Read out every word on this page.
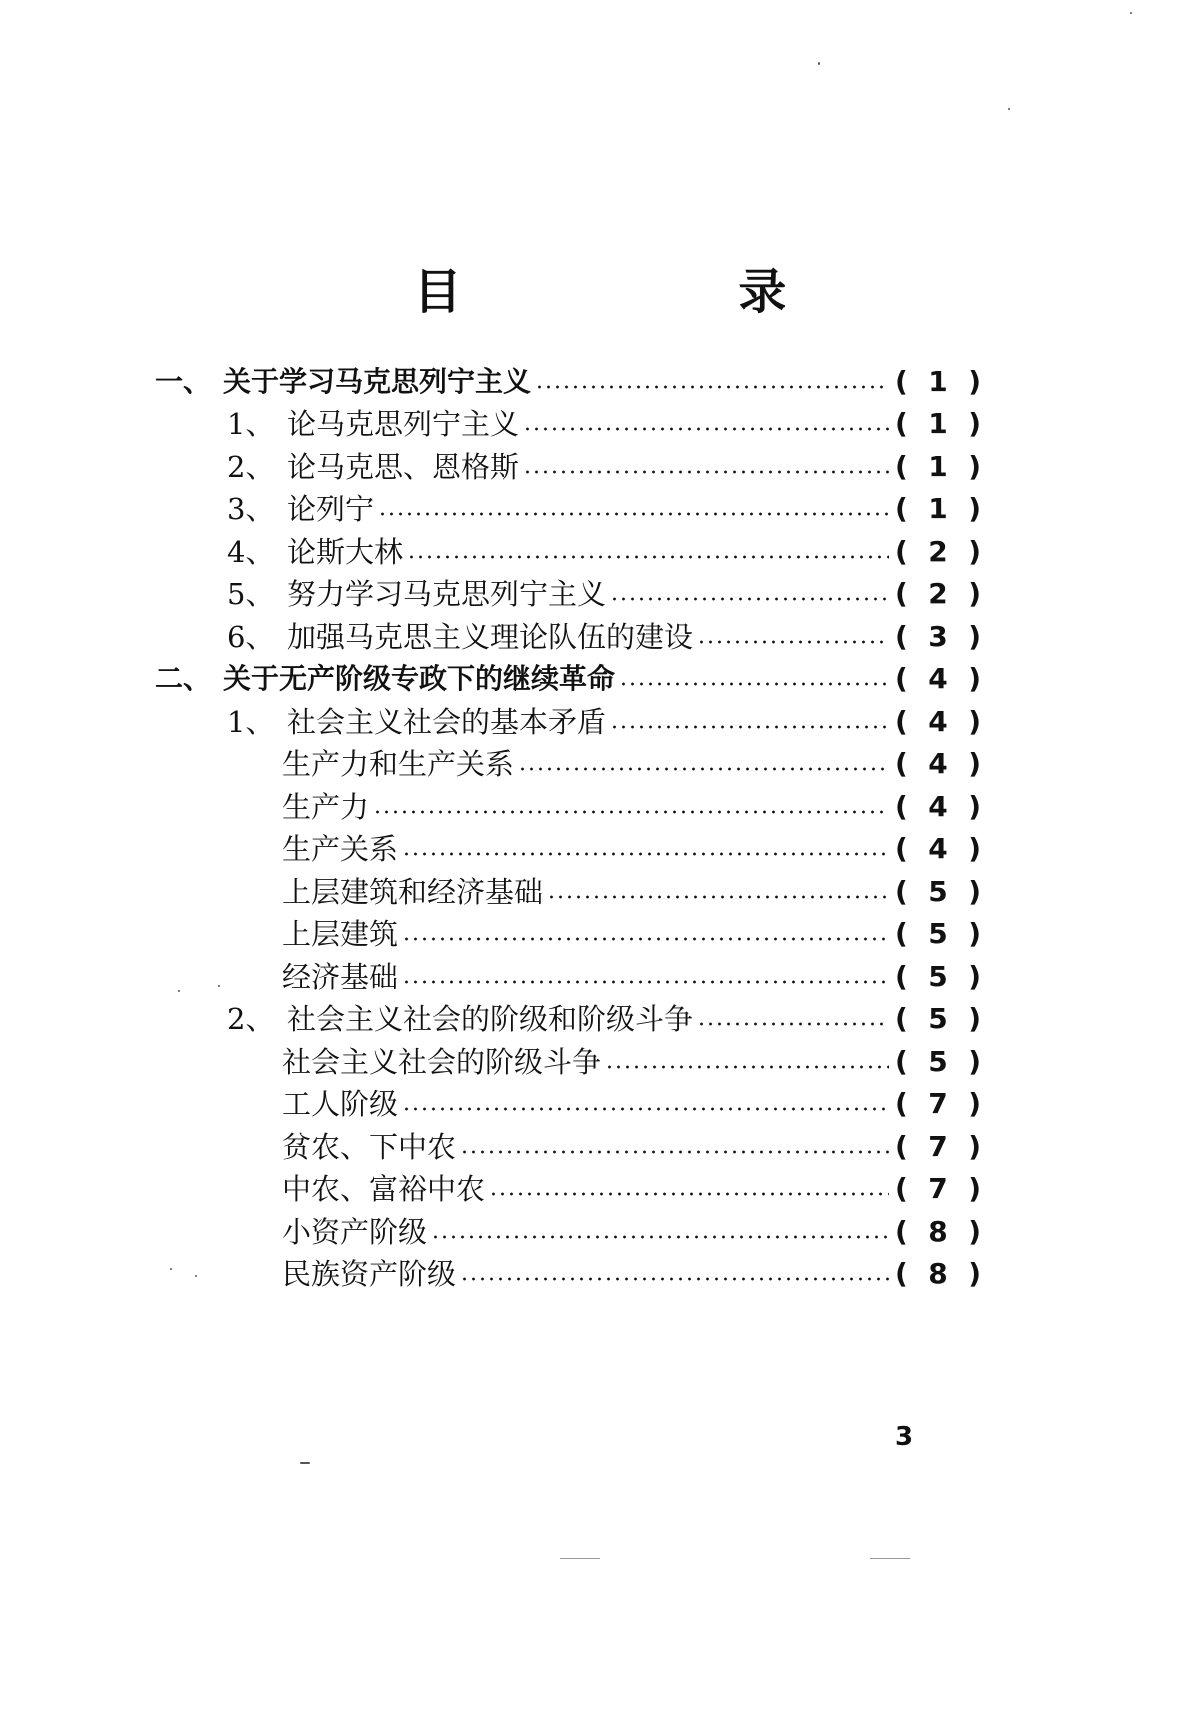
目 录
一、 关于学习马克思列宁主义	( 1 )
1、 论马克思列宁主义	( 1 )
2、 论马克思、恩格斯	( 1 )
3、 论列宁	( 1 )
4、 论斯大林	( 2 )
5、 努力学习马克思列宁主义	( 2 )
6、 加强马克思主义理论队伍的建设	( 3 )
二、 关于无产阶级专政下的继续革命	( 4 )
1、 社会主义社会的基本矛盾	( 4 )
生产力和生产关系	( 4 )
生产力	( 4 )
生产关系	( 4 )
上层建筑和经济基础	( 5 )
上层建筑	( 5 )
经济基础	( 5 )
2、 社会主义社会的阶级和阶级斗争	( 5 )
社会主义社会的阶级斗争	( 5 )
工人阶级	( 7 )
贫农、下中农	( 7 )
中农、富裕中农	( 7 )
小资产阶级	( 8 )
民族资产阶级	( 8 )
3
